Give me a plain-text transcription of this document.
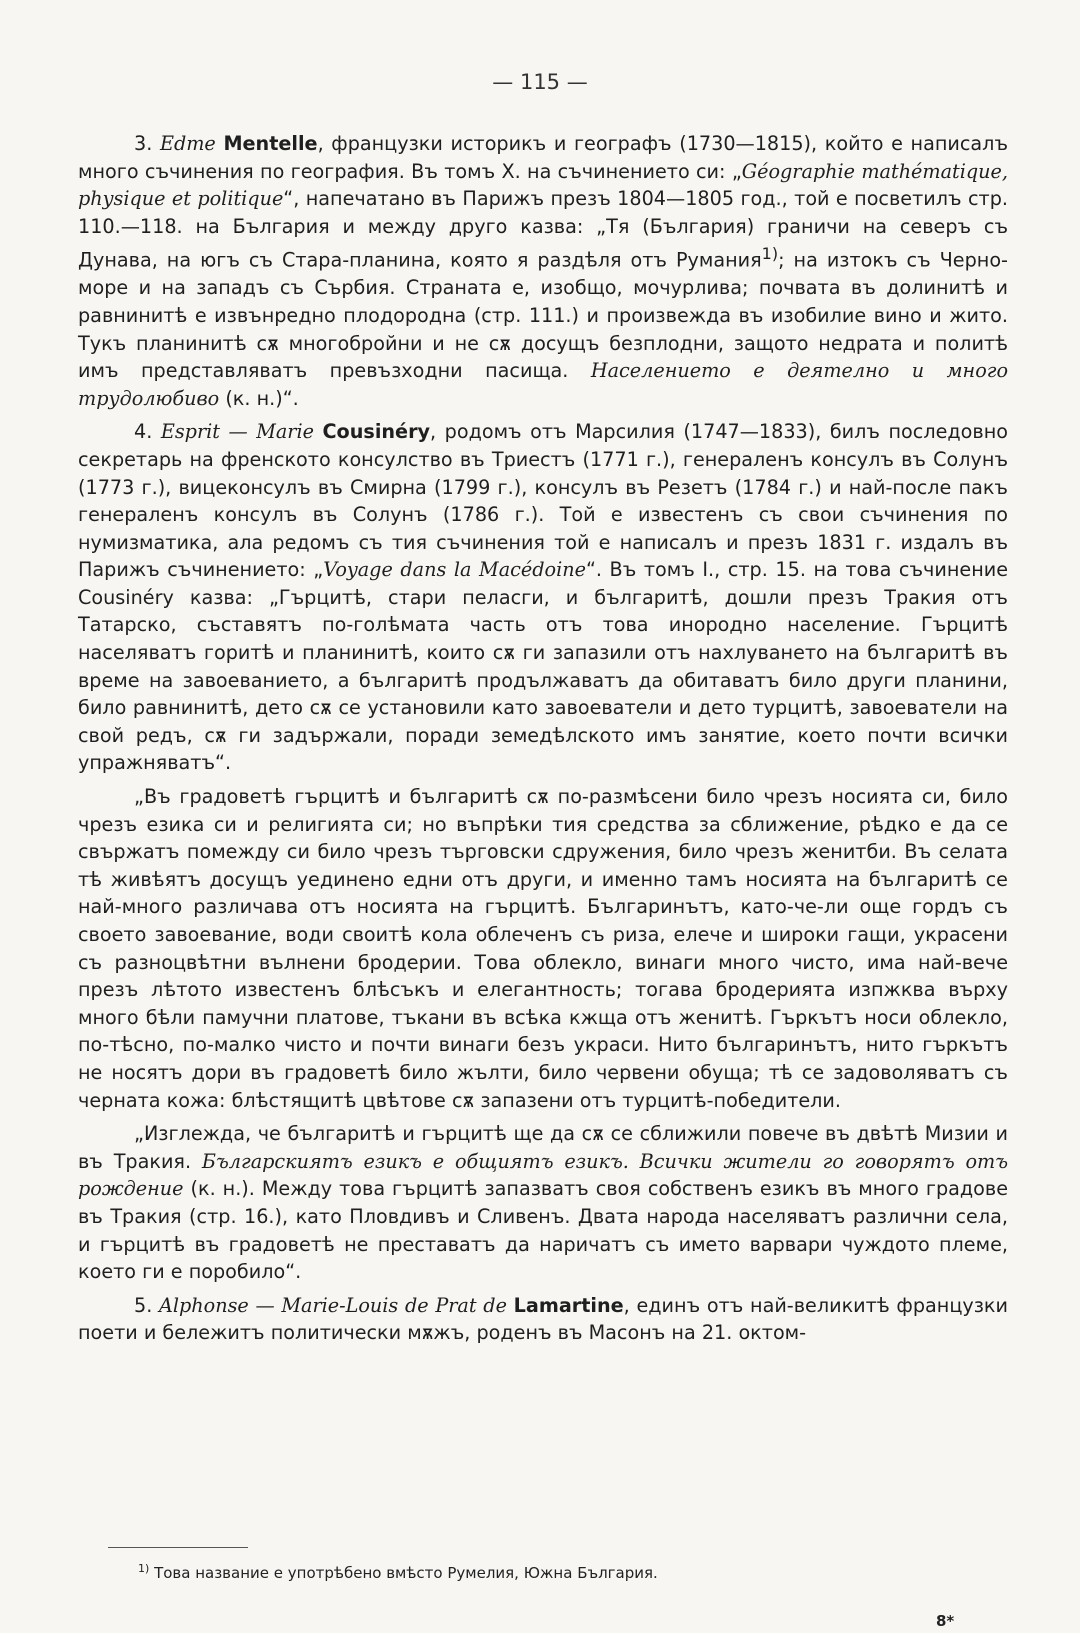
— 115 —

3. Edme Mentelle, французки историкъ и географъ (1730—1815), който е написалъ много съчинения по география. Въ томъ X. на съчинението си: „Géographie mathématique, physique et politique“, напечатано въ Парижъ презъ 1804—1805 год., той е посветилъ стр. 110.—118. на България и между друго казва: „Тя (България) граничи на северъ съ Дунава, на югъ съ Стара-планина, която я раздѣля отъ Румания$^{1)}$; на изтокъ съ Черно-море и на западъ съ Сърбия. Страната е, изобщо, мочурлива; почвата въ долинитѣ и равнинитѣ е извънредно плодородна (стр. 111.) и произвежда въ изобилие вино и жито. Тукъ планинитѣ сѫ многобройни и не сѫ досущъ безплодни, защото недрата и политѣ имъ представляватъ превъзходни пасища. Населението е деятелно и много трудолюбиво (к. н.)“.

4. Esprit — Marie Cousinéry, родомъ отъ Марсилия (1747—1833), билъ последовно секретарь на френското консулство въ Триестъ (1771 г.), генераленъ консулъ въ Солунъ (1773 г.), вицеконсулъ въ Смирна (1799 г.), консулъ въ Резетъ (1784 г.) и най-после пакъ генераленъ консулъ въ Солунъ (1786 г.). Той е известенъ съ свои съчинения по нумизматика, ала редомъ съ тия съчинения той е написалъ и презъ 1831 г. издалъ въ Парижъ съчинението: „Voyage dans la Macédoine“. Въ томъ I., стр. 15. на това съчинение Cousinéry казва: „Гърцитѣ, стари пеласги, и българитѣ, дошли презъ Тракия отъ Татарско, съставятъ по-голѣмата часть отъ това инородно население. Гърцитѣ населяватъ горитѣ и планинитѣ, които сѫ ги запазили отъ нахлуването на българитѣ въ време на завоеванието, а българитѣ продължаватъ да обитаватъ било други планини, било равнинитѣ, дето сѫ се установили като завоеватели и дето турцитѣ, завоеватели на свой редъ, сѫ ги задържали, поради земедѣлското имъ занятие, което почти всички упражняватъ“.

„Въ градоветѣ гърцитѣ и българитѣ сѫ по-размѣсени било чрезъ носията си, било чрезъ езика си и религията си; но въпрѣки тия средства за сближение, рѣдко е да се свържатъ помежду си било чрезъ търговски сдружения, било чрезъ женитби. Въ селата тѣ живѣятъ досущъ уединено едни отъ други, и именно тамъ носията на българитѣ се най-много различава отъ носията на гърцитѣ. Българинътъ, като-че-ли още гордъ съ своето завоевание, води своитѣ кола облеченъ съ риза, елече и широки гащи, украсени съ разноцвѣтни вълнени бродерии. Това облекло, винаги много чисто, има най-вече презъ лѣтото известенъ блѣсъкъ и елегантность; тогава бродерията изпжква върху много бѣли памучни платове, тъкани въ всѣка кжща отъ женитѣ. Гъркътъ носи облекло, по-тѣсно, по-малко чисто и почти винаги безъ украси. Нито българинътъ, нито гъркътъ не носятъ дори въ градоветѣ било жълти, било червени обуща; тѣ се задоволяватъ съ черната кожа: блѣстящитѣ цвѣтове сѫ запазени отъ турцитѣ-победители.

„Изглежда, че българитѣ и гърцитѣ ще да сѫ се сближили повече въ двѣтѣ Мизии и въ Тракия. Българскиятъ езикъ е общиятъ езикъ. Всички жители го говорятъ отъ рождение (к. н.). Между това гърцитѣ запазватъ своя собственъ езикъ въ много градове въ Тракия (стр. 16.), като Пловдивъ и Сливенъ. Двата народа населяватъ различни села, и гърцитѣ въ градоветѣ не преставатъ да наричатъ съ името варвари чуждото племе, което ги е поробило“.

5. Alphonse — Marie-Louis de Prat de Lamartine, единъ отъ най-великитѣ французки поети и бележитъ политически мѫжъ, роденъ въ Масонъ на 21. октом-

$^{1)}$ Това название е употрѣбено вмѣсто Румелия, Южна България.
8*
